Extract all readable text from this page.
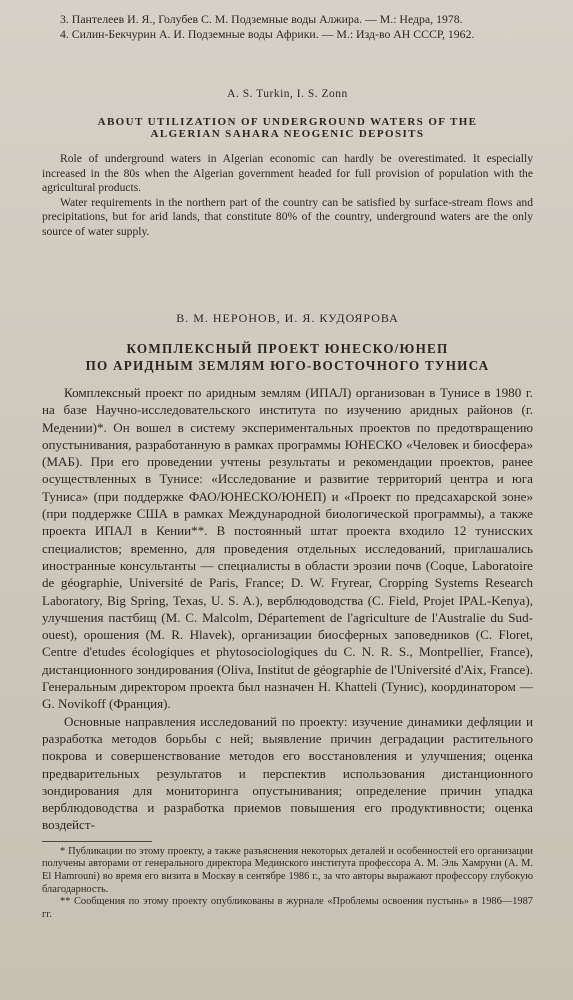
3. Пантелеев И. Я., Голубев С. М. Подземные воды Алжира. — М.: Недра, 1978.

4. Силин-Бекчурин А. И. Подземные воды Африки. — М.: Изд-во АН СССР, 1962.

A. S. Turkin, I. S. Zonn
ABOUT UTILIZATION OF UNDERGROUND WATERS OF THE
ALGERIAN SAHARA NEOGENIC DEPOSITS

Role of underground waters in Algerian economic can hardly be overestimated. It especially increased in the 80s when the Algerian government headed for full provision of population with the agricultural products.

Water requirements in the northern part of the country can be satisfied by surface-stream flows and precipitations, but for arid lands, that constitute 80% of the country, underground waters are the only source of water supply.

В. М. НЕРОНОВ, И. Я. КУДОЯРОВА
КОМПЛЕКСНЫЙ ПРОЕКТ ЮНЕСКО/ЮНЕП
ПО АРИДНЫМ ЗЕМЛЯМ ЮГО-ВОСТОЧНОГО ТУНИСА

Комплексный проект по аридным землям (ИПАЛ) организован в Тунисе в 1980 г. на базе Научно-исследовательского института по изучению аридных районов (г. Медении)*. Он вошел в систему экспериментальных проектов по предотвращению опустынивания, разработанную в рамках программы ЮНЕСКО «Человек и биосфера» (МАБ). При его проведении учтены результаты и рекомендации проектов, ранее осуществленных в Тунисе: «Исследование и развитие территорий центра и юга Туниса» (при поддержке ФАО/ЮНЕСКО/ЮНЕП) и «Проект по предсахарской зоне» (при поддержке США в рамках Международной биологической программы), а также проекта ИПАЛ в Кении**. В постоянный штат проекта входило 12 тунисских специалистов; временно, для проведения отдельных исследований, приглашались иностранные консультанты — специалисты в области эрозии почв (Coque, Laboratoire de géographie, Université de Paris, France; D. W. Fryrear, Cropping Systems Research Laboratory, Big Spring, Texas, U. S. A.), верблюдоводства (C. Field, Projet IPAL-Kenya), улучшения пастбищ (M. C. Malcolm, Département de l'agriculture de l'Australie du Sud-ouest), орошения (M. R. Hlavek), организации биосферных заповедников (C. Floret, Centre d'etudes écologiques et phytosociologiques du C. N. R. S., Montpellier, France), дистанционного зондирования (Oliva, Institut de géographie de l'Université d'Aix, France). Генеральным директором проекта был назначен H. Khatteli (Тунис), координатором — G. Novikoff (Франция).

Основные направления исследований по проекту: изучение динамики дефляции и разработка методов борьбы с ней; выявление причин деградации растительного покрова и совершенствование методов его восстановления и улучшения; оценка предварительных результатов и перспектив использования дистанционного зондирования для мониторинга опустынивания; определение причин упадка верблюдоводства и разработка приемов повышения его продуктивности; оценка воздейст-

* Публикации по этому проекту, а также разъяснения некоторых деталей и особенностей его организации получены авторами от генерального директора Мединского института профессора А. М. Эль Хамруни (A. M. El Hamrouni) во время его визита в Москву в сентябре 1986 г., за что авторы выражают профессору глубокую благодарность.

** Сообщения по этому проекту опубликованы в журнале «Проблемы освоения пустынь» в 1986—1987 гг.
